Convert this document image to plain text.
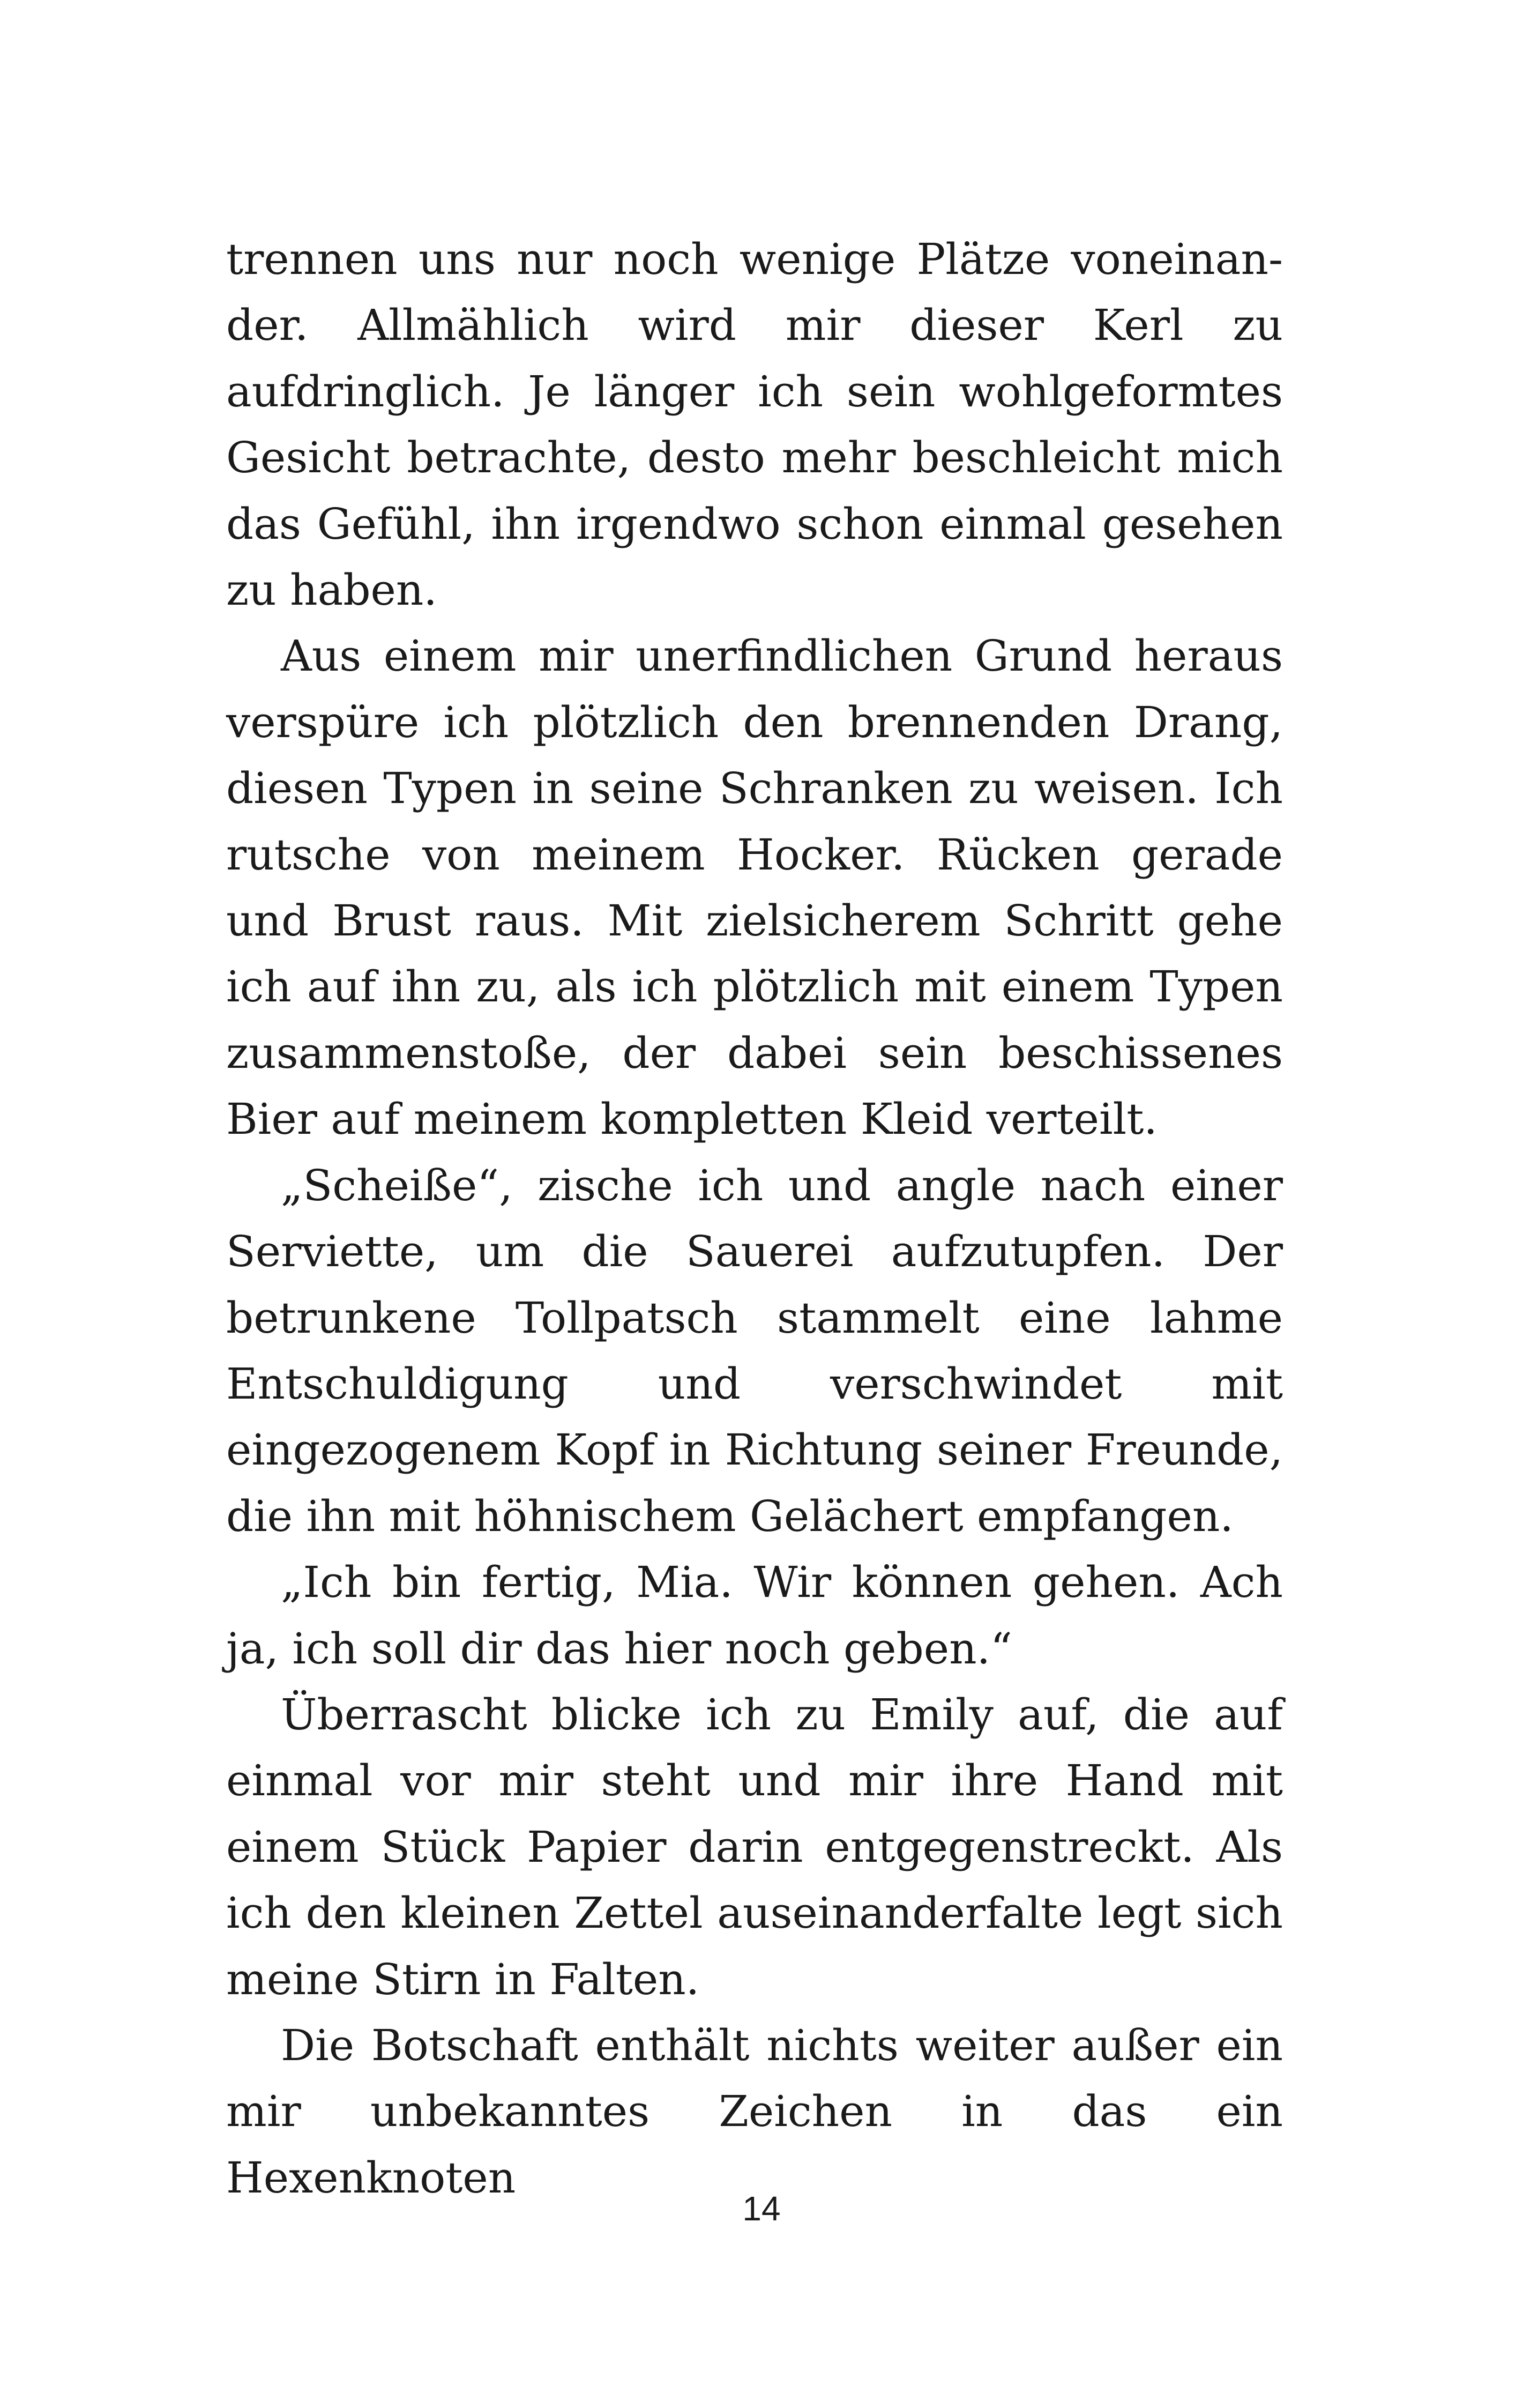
trennen uns nur noch wenige Plätze voneinander. Allmählich wird mir dieser Kerl zu aufdringlich. Je länger ich sein wohlgeformtes Gesicht betrachte, desto mehr beschleicht mich das Gefühl, ihn irgendwo schon einmal gesehen zu haben.

Aus einem mir unerfindlichen Grund heraus verspüre ich plötzlich den brennenden Drang, diesen Typen in seine Schranken zu weisen. Ich rutsche von meinem Hocker. Rücken gerade und Brust raus. Mit zielsicherem Schritt gehe ich auf ihn zu, als ich plötzlich mit einem Typen zusammenstoße, der dabei sein beschissenes Bier auf meinem kompletten Kleid verteilt.

„Scheiße“, zische ich und angle nach einer Serviette, um die Sauerei aufzutupfen. Der betrunkene Tollpatsch stammelt eine lahme Entschuldigung und verschwindet mit eingezogenem Kopf in Richtung seiner Freunde, die ihn mit höhnischem Gelächert empfangen.

„Ich bin fertig, Mia. Wir können gehen. Ach ja, ich soll dir das hier noch geben.“

Überrascht blicke ich zu Emily auf, die auf einmal vor mir steht und mir ihre Hand mit einem Stück Papier darin entgegenstreckt. Als ich den kleinen Zettel auseinanderfalte legt sich meine Stirn in Falten.

Die Botschaft enthält nichts weiter außer ein mir unbekanntes Zeichen in das ein Hexenknoten

14
